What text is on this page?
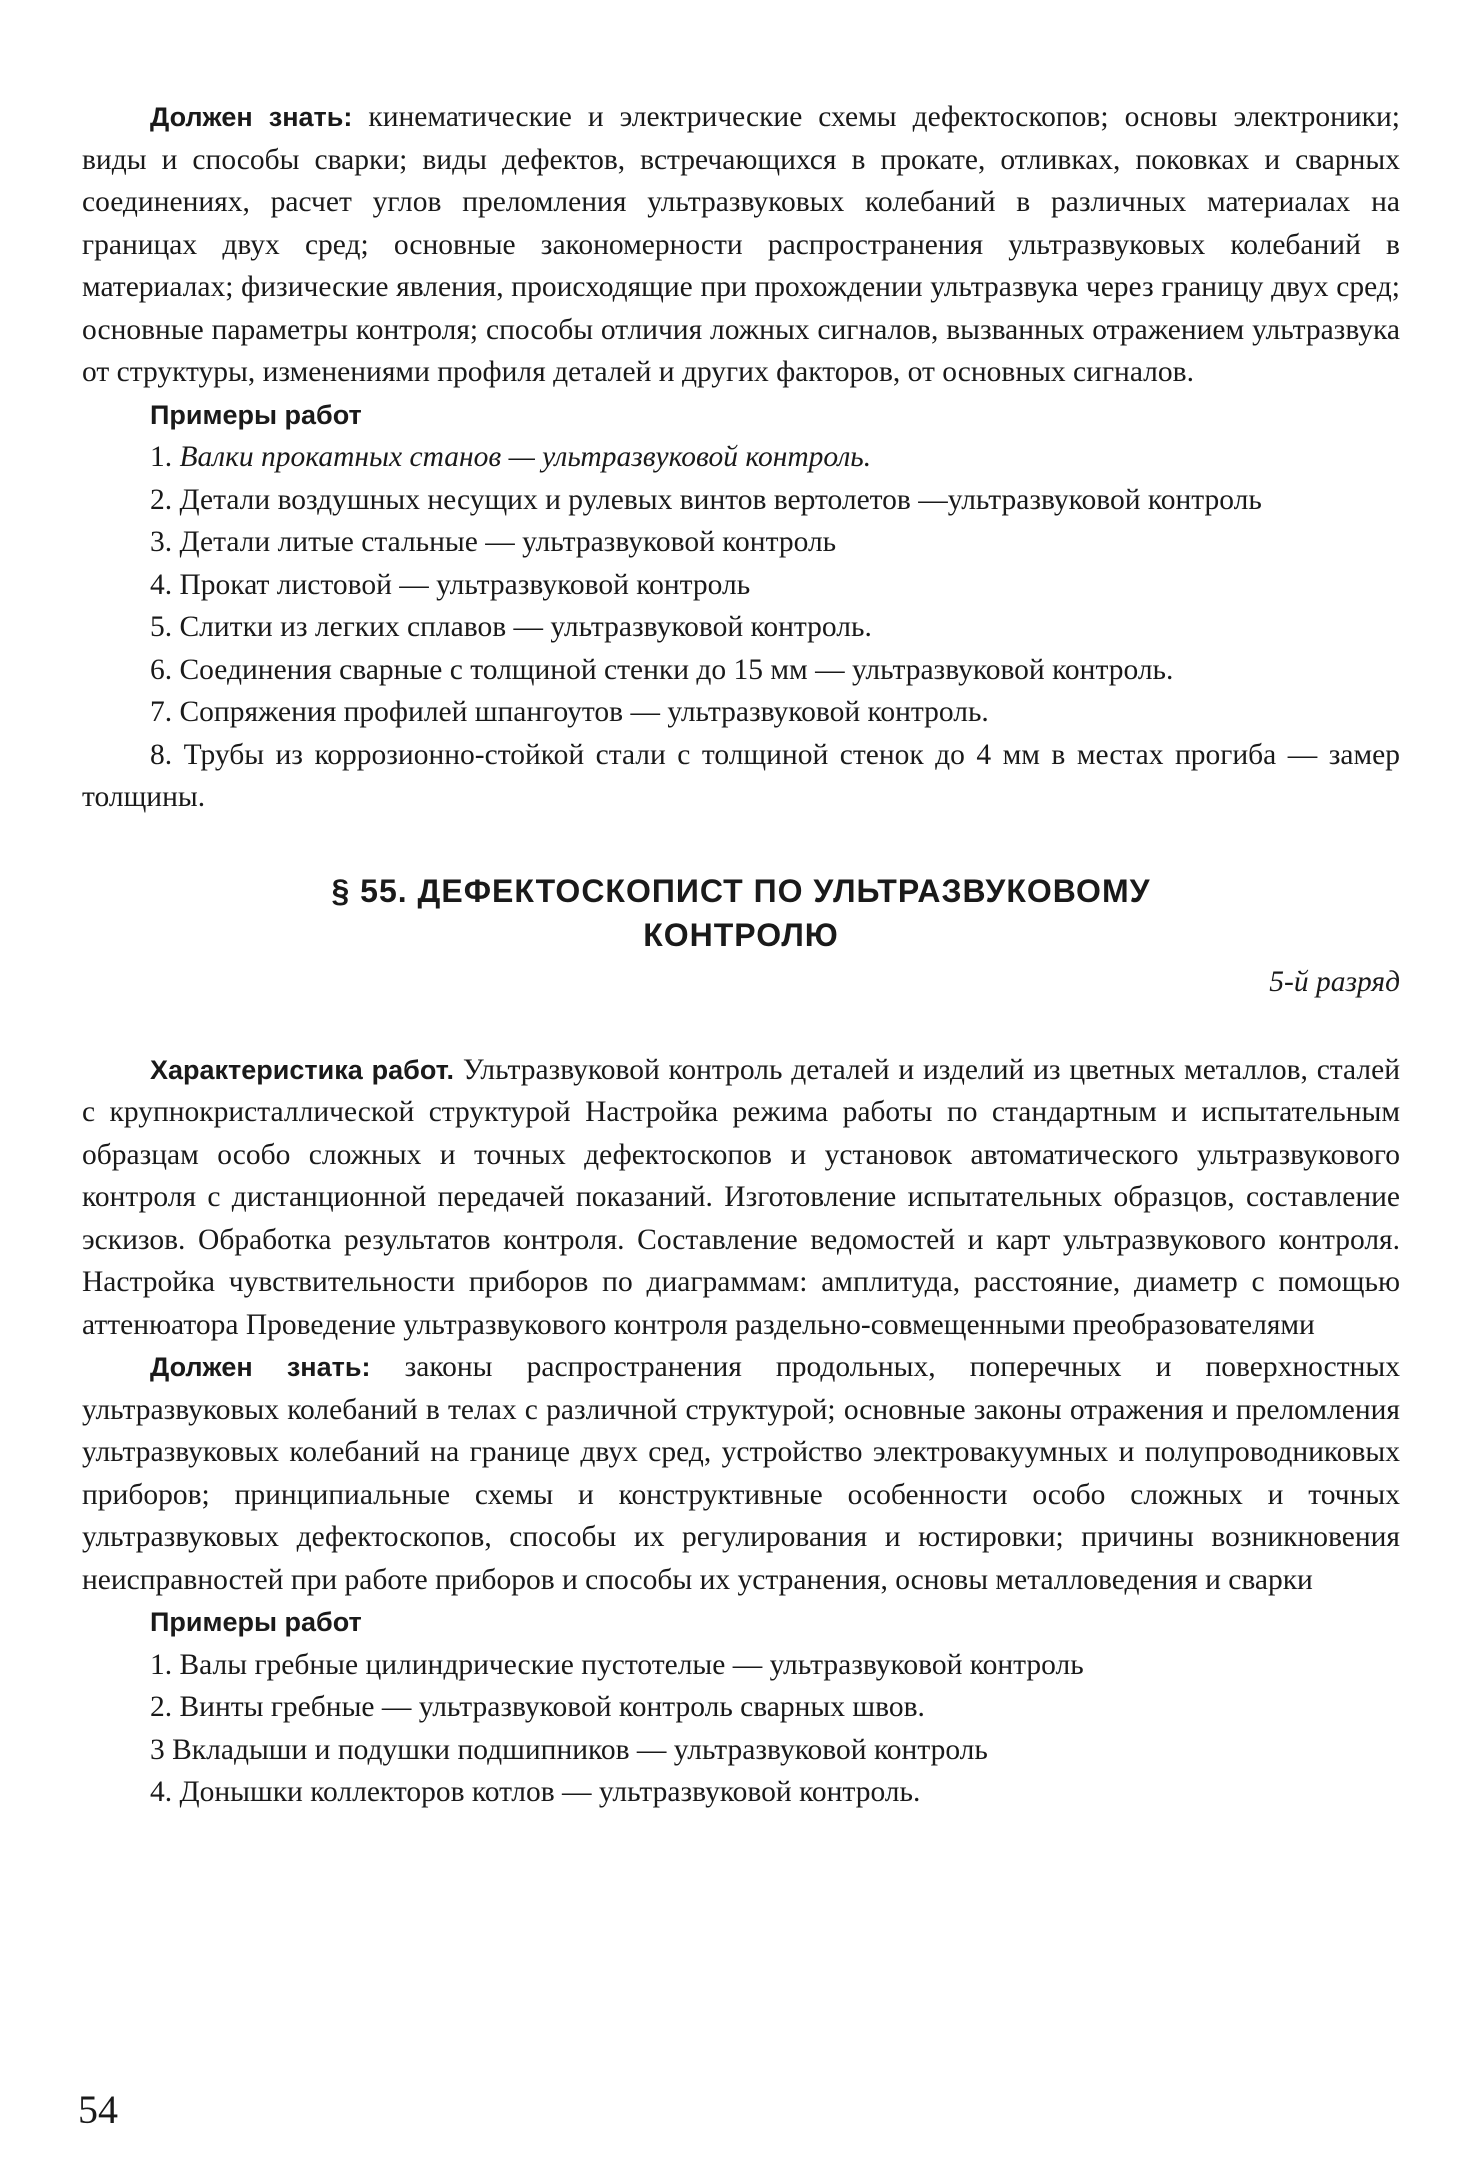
Должен знать: кинематические и электрические схемы дефектоскопов; основы электроники; виды и способы сварки; виды дефектов, встречающихся в прокате, отливках, поковках и сварных соединениях, расчет углов преломления ультразвуковых колебаний в различных материалах на границах двух сред; основные закономерности распространения ультразвуковых колебаний в материалах; физические явления, происходящие при прохождении ультразвука через границу двух сред; основные параметры контроля; способы отличия ложных сигналов, вызванных отражением ультразвука от структуры, изменениями профиля деталей и других факторов, от основных сигналов.

Примеры работ

1. Валки прокатных станов — ультразвуковой контроль.

2. Детали воздушных несущих и рулевых винтов вертолетов —ультразвуковой контроль

3. Детали литые стальные — ультразвуковой контроль

4. Прокат листовой — ультразвуковой контроль

5. Слитки из легких сплавов — ультразвуковой контроль.

6. Соединения сварные с толщиной стенки до 15 мм — ультразвуковой контроль.

7. Сопряжения профилей шпангоутов — ультразвуковой контроль.

8. Трубы из коррозионно-стойкой стали с толщиной стенок до 4 мм в местах прогиба — замер толщины.

§ 55. ДЕФЕКТОСКОПИСТ ПО УЛЬТРАЗВУКОВОМУ
КОНТРОЛЮ
5-й разряд

Характеристика работ. Ультразвуковой контроль деталей и изделий из цветных металлов, сталей с крупнокристаллической структурой Настройка режима работы по стандартным и испытательным образцам особо сложных и точных дефектоскопов и установок автоматического ультразвукового контроля с дистанционной передачей показаний. Изготовление испытательных образцов, составление эскизов. Обработка результатов контроля. Составление ведомостей и карт ультразвукового контроля. Настройка чувствительности приборов по диаграммам: амплитуда, расстояние, диаметр с помощью аттенюатора Проведение ультразвукового контроля раздельно-совмещенными преобразователями

Должен знать: законы распространения продольных, поперечных и поверхностных ультразвуковых колебаний в телах с различной структурой; основные законы отражения и преломления ультразвуковых колебаний на границе двух сред, устройство электровакуумных и полупроводниковых приборов; принципиальные схемы и конструктивные особенности особо сложных и точных ультразвуковых дефектоскопов, способы их регулирования и юстировки; причины возникновения неисправностей при работе приборов и способы их устранения, основы металловедения и сварки

Примеры работ

1. Валы гребные цилиндрические пустотелые — ультразвуковой контроль

2. Винты гребные — ультразвуковой контроль сварных швов.

3 Вкладыши и подушки подшипников — ультразвуковой контроль

4. Донышки коллекторов котлов — ультразвуковой контроль.

54
